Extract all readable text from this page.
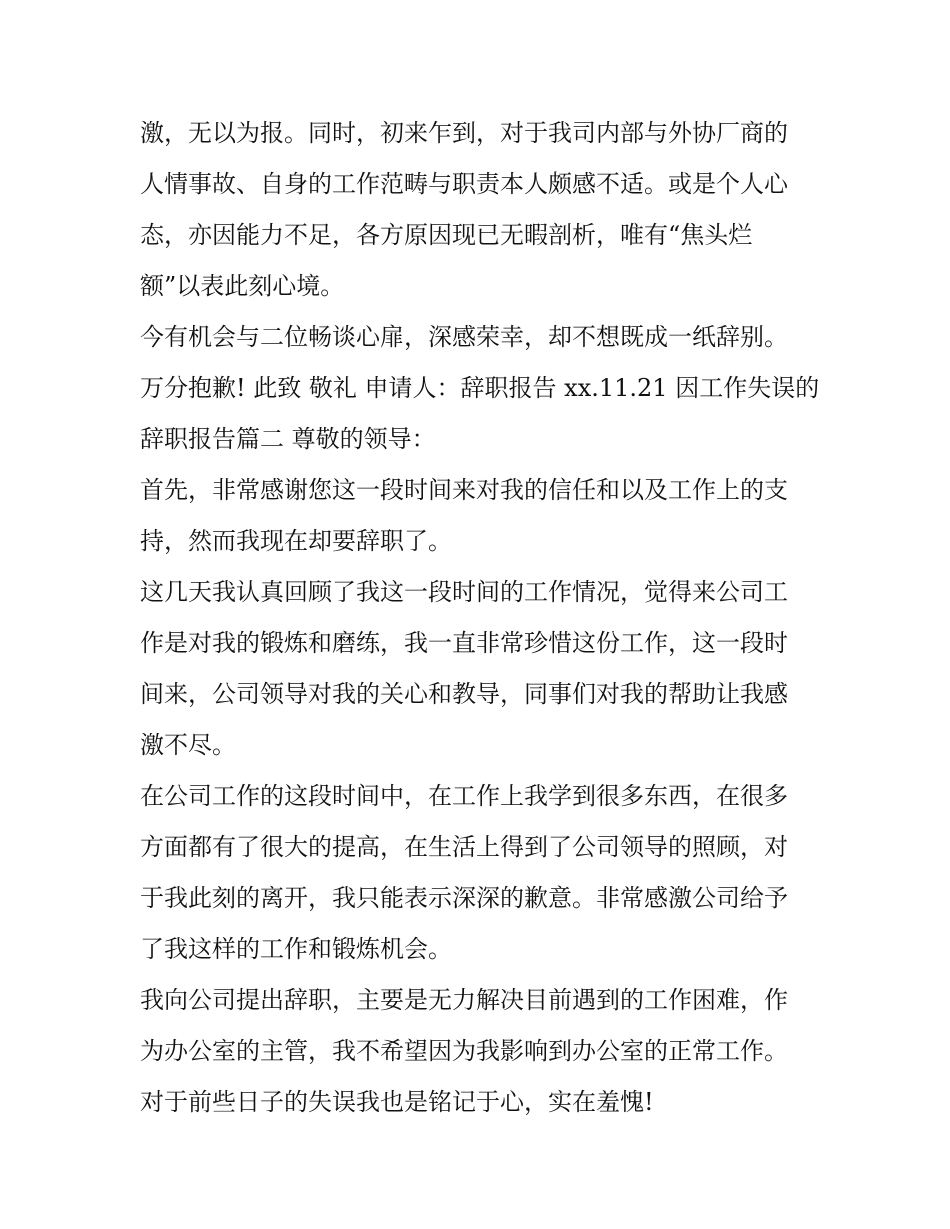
激，无以为报。同时，初来乍到，对于我司内部与外协厂商的
人情事故、自身的工作范畴与职责本人颇感不适。或是个人心
态，亦因能力不足，各方原因现已无暇剖析，唯有“焦头烂
额”以表此刻心境。
今有机会与二位畅谈心扉，深感荣幸，却不想既成一纸辞别。
万分抱歉! 此致 敬礼 申请人：辞职报告 xx.11.21 因工作失误的
辞职报告篇二 尊敬的领导：
首先，非常感谢您这一段时间来对我的信任和以及工作上的支
持，然而我现在却要辞职了。
这几天我认真回顾了我这一段时间的工作情况，觉得来公司工
作是对我的锻炼和磨练，我一直非常珍惜这份工作，这一段时
间来，公司领导对我的关心和教导，同事们对我的帮助让我感
激不尽。
在公司工作的这段时间中，在工作上我学到很多东西，在很多
方面都有了很大的提高，在生活上得到了公司领导的照顾，对
于我此刻的离开，我只能表示深深的歉意。非常感激公司给予
了我这样的工作和锻炼机会。
我向公司提出辞职，主要是无力解决目前遇到的工作困难，作
为办公室的主管，我不希望因为我影响到办公室的正常工作。
对于前些日子的失误我也是铭记于心，实在羞愧!
